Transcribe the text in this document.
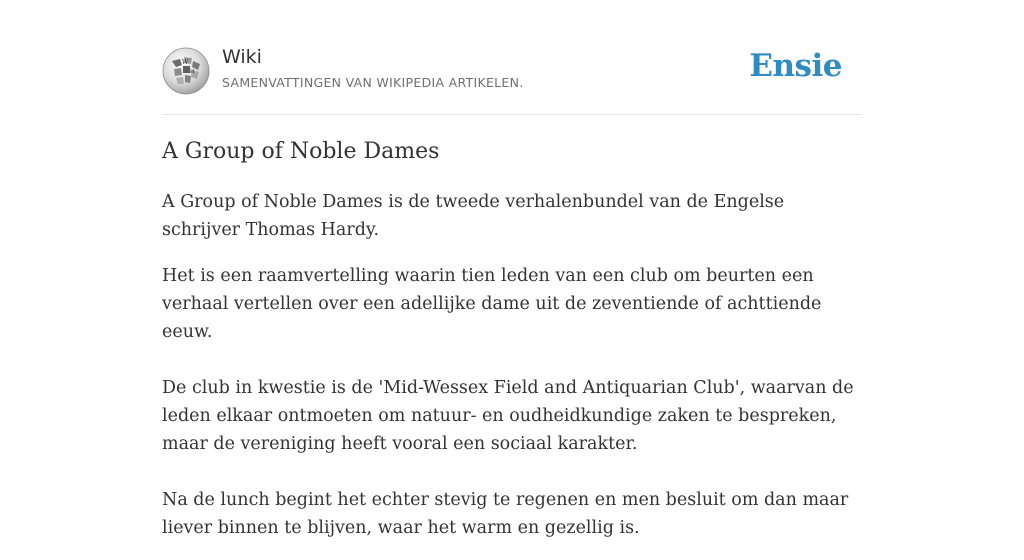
W
И
Wiki
SAMENVATTINGEN VAN WIKIPEDIA ARTIKELEN.	Ensie
A Group of Noble Dames

A Group of Noble Dames is de tweede verhalenbundel van de Engelse schrijver Thomas Hardy.

Het is een raamvertelling waarin tien leden van een club om beurten een verhaal vertellen over een adellijke dame uit de zeventiende of achttiende eeuw.

De club in kwestie is de 'Mid-Wessex Field and Antiquarian Club', waarvan de leden elkaar ontmoeten om natuur- en oudheidkundige zaken te bespreken, maar de vereniging heeft vooral een sociaal karakter.

Na de lunch begint het echter stevig te regenen en men besluit om dan maar liever binnen te blijven, waar het warm en gezellig is.
